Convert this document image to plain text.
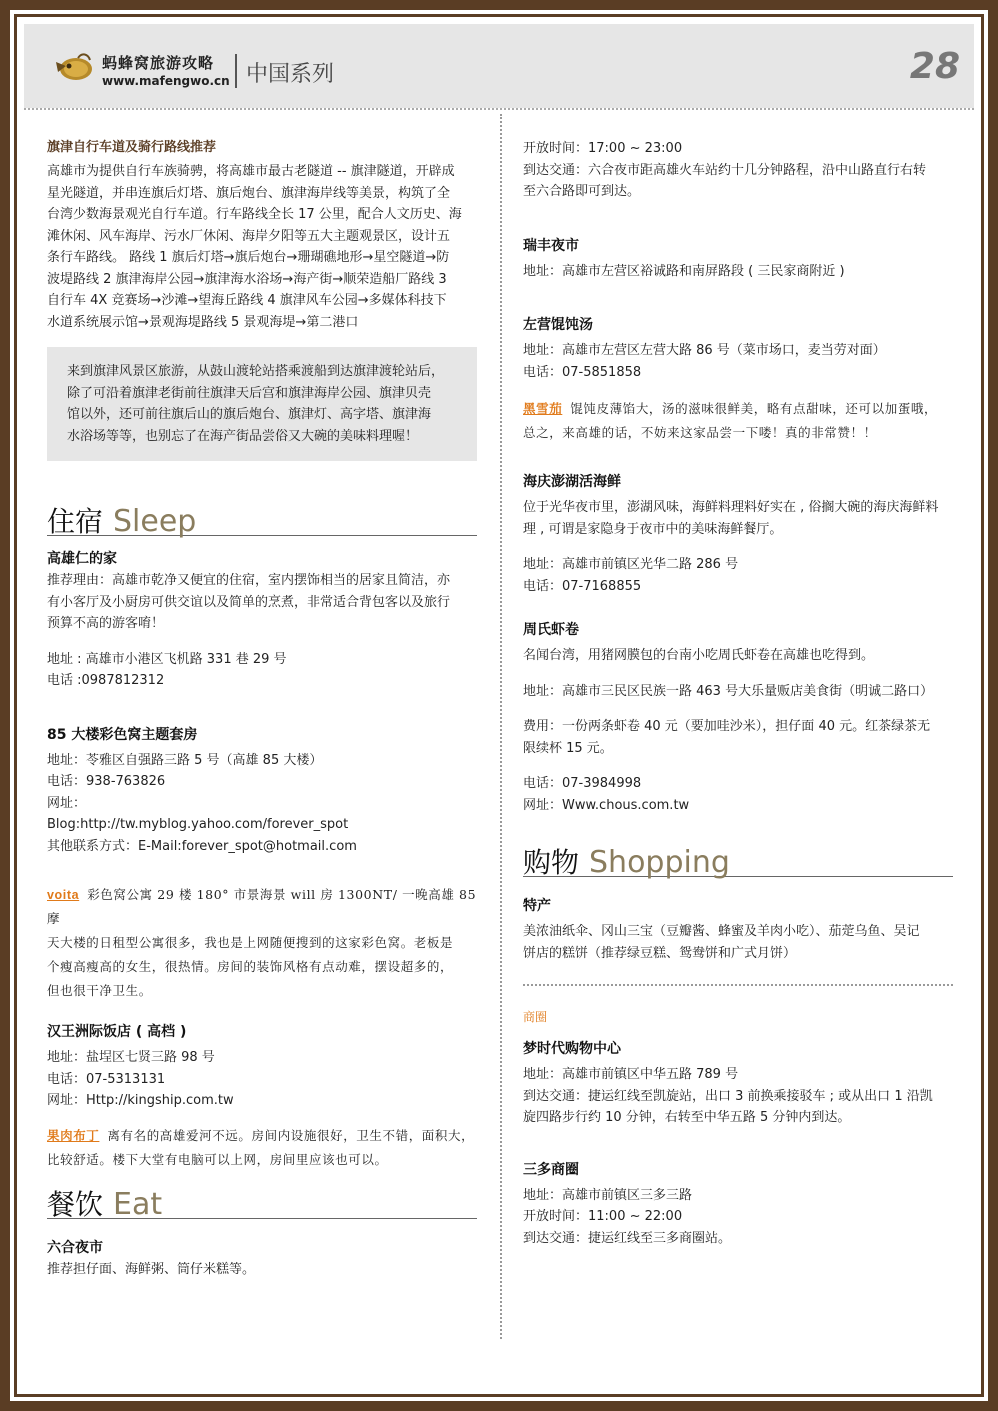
蚂蜂窝旅游攻略
www.mafengwo.cn 中国系列	28
旗津自行车道及骑行路线推荐
高雄市为提供自行车族骑骋，将高雄市最古老隧道 -- 旗津隧道，开辟成
星光隧道，并串连旗后灯塔、旗后炮台、旗津海岸线等美景，构筑了全
台湾少数海景观光自行车道。行车路线全长 17 公里，配合人文历史、海
滩休闲、风车海岸、污水厂休闲、海岸夕阳等五大主题观景区，设计五
条行车路线。 路线 1 旗后灯塔→旗后炮台→珊瑚礁地形→星空隧道→防
波堤路线 2 旗津海岸公园→旗津海水浴场→海产街→顺荣造船厂路线 3
自行车 4X 竞赛场→沙滩→望海丘路线 4 旗津风车公园→多媒体科技下
水道系统展示馆→景观海堤路线 5 景观海堤→第二港口
来到旗津风景区旅游，从鼓山渡轮站搭乘渡船到达旗津渡轮站后，
除了可沿着旗津老街前往旗津天后宫和旗津海岸公园、旗津贝壳
馆以外，还可前往旗后山的旗后炮台、旗津灯、高字塔、旗津海
水浴场等等，也别忘了在海产街品尝俗又大碗的美味料理喔！
住宿 Sleep
高雄仁的家
推荐理由：高雄市乾净又便宜的住宿，室内摆饰相当的居家且简洁，亦
有小客厅及小厨房可供交谊以及简单的烹煮，非常适合背包客以及旅行
预算不高的游客唷！
地址 : 高雄市小港区飞机路 331 巷 29 号
电话 :0987812312
85 大楼彩色窝主题套房
地址：苓雅区自强路三路 5 号（高雄 85 大楼）
电话：938-763826
网址：
Blog:http://tw.myblog.yahoo.com/forever_spot
其他联系方式：E-Mail:forever_spot@hotmail.com
voita 彩色窝公寓 29 楼 180° 市景海景 will 房 1300NT/ 一晚高雄 85 摩
天大楼的日租型公寓很多，我也是上网随便搜到的这家彩色窝。老板是
个瘦高瘦高的女生，很热情。房间的装饰风格有点动难，摆设超多的，
但也很干净卫生。
汉王洲际饭店 ( 高档 )
地址：盐埕区七贤三路 98 号
电话：07-5313131
网址：Http://kingship.com.tw
果肉布丁 离有名的高雄爱河不远。房间内设施很好，卫生不错，面积大，
比较舒适。楼下大堂有电脑可以上网，房间里应该也可以。
餐饮 Eat
六合夜市
推荐担仔面、海鲜粥、筒仔米糕等。
开放时间：17:00 ~ 23:00
到达交通：六合夜市距高雄火车站约十几分钟路程，沿中山路直行右转
至六合路即可到达。
瑞丰夜市
地址：高雄市左营区裕诚路和南屏路段 ( 三民家商附近 )
左营馄饨汤
地址：高雄市左营区左营大路 86 号（菜市场口，麦当劳对面）
电话：07-5851858
黑雪茄 馄饨皮薄馅大，汤的滋味很鲜美，略有点甜味，还可以加蛋哦，
总之，来高雄的话，不妨来这家品尝一下喽！真的非常赞！！
海庆澎湖活海鲜
位于光华夜市里，澎湖风味，海鲜料理料好实在 , 俗搁大碗的海庆海鲜料
理 , 可谓是家隐身于夜市中的美味海鲜餐厅。
地址：高雄市前镇区光华二路 286 号
电话：07-7168855
周氏虾卷
名闻台湾，用猪网膜包的台南小吃周氏虾卷在高雄也吃得到。
地址：高雄市三民区民族一路 463 号大乐量贩店美食街（明诚二路口）
费用：一份两条虾卷 40 元（要加哇沙米），担仔面 40 元。红茶绿茶无
限续杯 15 元。
电话：07-3984998
网址：Www.chous.com.tw
购物 Shopping
特产
美浓油纸伞、冈山三宝（豆瓣酱、蜂蜜及羊肉小吃）、茄萣乌鱼、吴记
饼店的糕饼（推荐绿豆糕、鸳鸯饼和广式月饼）
商圈
梦时代购物中心
地址：高雄市前镇区中华五路 789 号
到达交通：捷运红线至凯旋站，出口 3 前换乘接驳车 ; 或从出口 1 沿凯
旋四路步行约 10 分钟，右转至中华五路 5 分钟内到达。
三多商圈
地址：高雄市前镇区三多三路
开放时间：11:00 ~ 22:00
到达交通：捷运红线至三多商圈站。
